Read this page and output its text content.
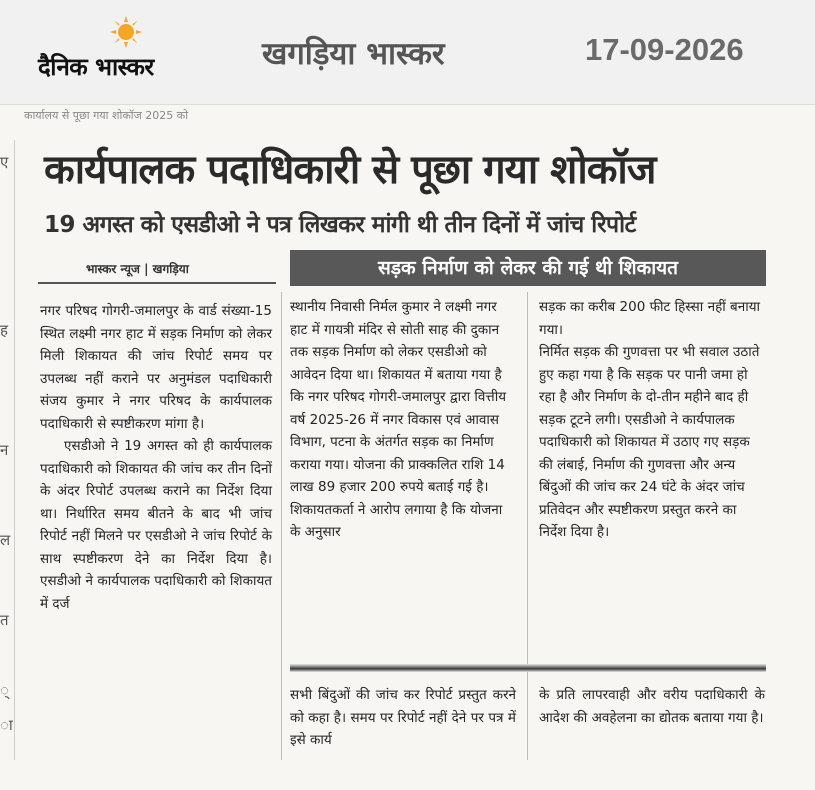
दैनिक भास्कर	खगड़िया भास्कर	17-09-2026
ए
ह
न
ल
त
्
ा
कार्यपालक पदाधिकारी से पूछा गया शोकॉज
19 अगस्त को एसडीओ ने पत्र लिखकर मांगी थी तीन दिनों में जांच रिपोर्ट
भास्कर न्यूज | खगड़िया	सड़क निर्माण को लेकर की गई थी शिकायत

नगर परिषद गोगरी-जमालपुर के वार्ड संख्या-15 स्थित लक्ष्मी नगर हाट में सड़क निर्माण को लेकर मिली शिकायत की जांच रिपोर्ट समय पर उपलब्ध नहीं कराने पर अनुमंडल पदाधिकारी संजय कुमार ने नगर परिषद के कार्यपालक पदाधिकारी से स्पष्टीकरण मांगा है।

एसडीओ ने 19 अगस्त को ही कार्यपालक पदाधिकारी को शिकायत की जांच कर तीन दिनों के अंदर रिपोर्ट उपलब्ध कराने का निर्देश दिया था। निर्धारित समय बीतने के बाद भी जांच रिपोर्ट नहीं मिलने पर एसडीओ ने जांच रिपोर्ट के साथ स्पष्टीकरण देने का निर्देश दिया है। एसडीओ ने कार्यपालक पदाधिकारी को शिकायत में दर्ज

स्थानीय निवासी निर्मल कुमार ने लक्ष्मी नगर हाट में गायत्री मंदिर से सोती साह की दुकान तक सड़क निर्माण को लेकर एसडीओ को आवेदन दिया था। शिकायत में बताया गया है कि नगर परिषद गोगरी-जमालपुर द्वारा वित्तीय वर्ष 2025-26 में नगर विकास एवं आवास विभाग, पटना के अंतर्गत सड़क का निर्माण कराया गया। योजना की प्राक्कलित राशि 14 लाख 89 हजार 200 रुपये बताई गई है।शिकायतकर्ता ने आरोप लगाया है कि योजना के अनुसार

सड़क का करीब 200 फीट हिस्सा नहीं बनाया गया।

निर्मित सड़क की गुणवत्ता पर भी सवाल उठाते हुए कहा गया है कि सड़क पर पानी जमा हो रहा है और निर्माण के दो-तीन महीने बाद ही सड़क टूटने लगी। एसडीओ ने कार्यपालक पदाधिकारी को शिकायत में उठाए गए सड़क की लंबाई, निर्माण की गुणवत्ता और अन्य बिंदुओं की जांच कर 24 घंटे के अंदर जांच प्रतिवेदन और स्पष्टीकरण प्रस्तुत करने का निर्देश दिया है।

सभी बिंदुओं की जांच कर रिपोर्ट प्रस्तुत करने को कहा है। समय पर रिपोर्ट नहीं देने पर पत्र में इसे कार्य

के प्रति लापरवाही और वरीय पदाधिकारी के आदेश की अवहेलना का द्योतक बताया गया है।
